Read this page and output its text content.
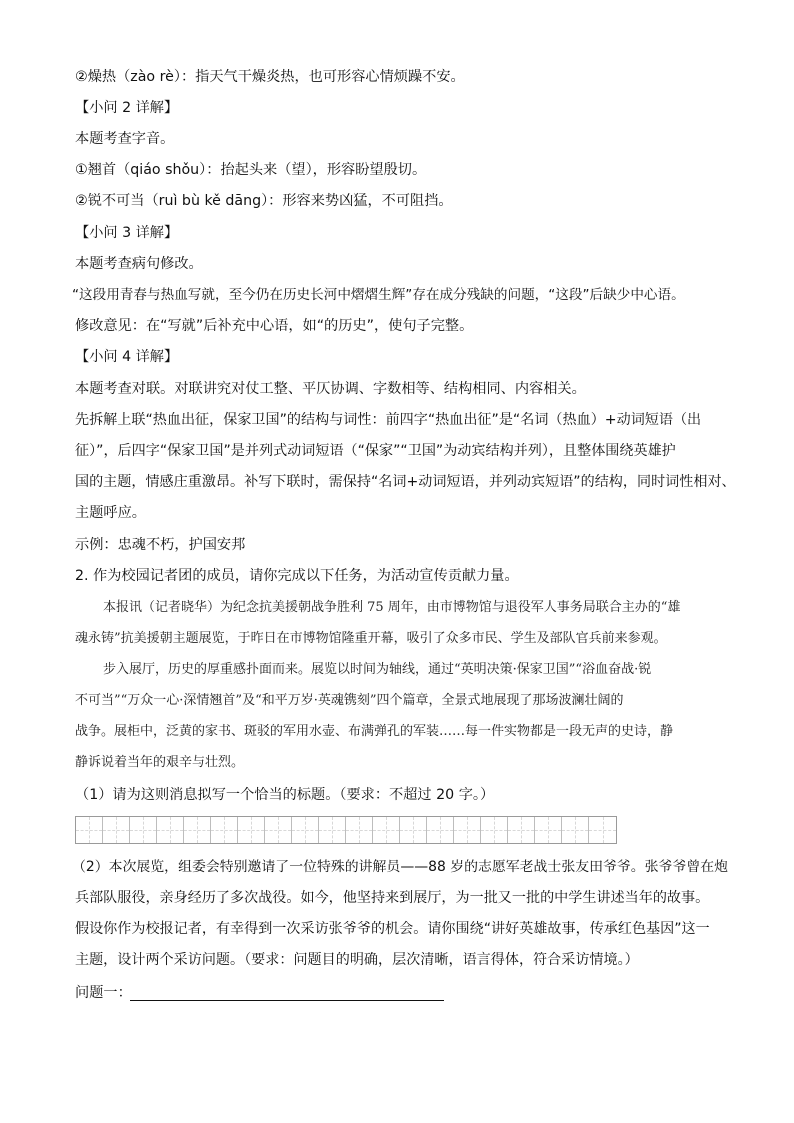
②燥热（zào rè）：指天气干燥炎热，也可形容心情烦躁不安。
【小问 2 详解】
本题考查字音。
①翘首（qiáo shǒu）：抬起头来（望），形容盼望殷切。
②锐不可当（ruì bù kě dāng）：形容来势凶猛，不可阻挡。
【小问 3 详解】
本题考查病句修改。
“这段用青春与热血写就，至今仍在历史长河中熠熠生辉”存在成分残缺的问题，“这段”后缺少中心语。
修改意见：在“写就”后补充中心语，如“的历史”，使句子完整。
【小问 4 详解】
本题考查对联。对联讲究对仗工整、平仄协调、字数相等、结构相同、内容相关。
先拆解上联“热血出征，保家卫国”的结构与词性：前四字“热血出征”是“名词（热血）+动词短语（出
征）”，后四字“保家卫国”是并列式动词短语（“保家”“卫国”为动宾结构并列），且整体围绕英雄护
国的主题，情感庄重激昂。补写下联时，需保持“名词+动词短语，并列动宾短语”的结构，同时词性相对、
主题呼应。
示例：忠魂不朽，护国安邦
2. 作为校园记者团的成员，请你完成以下任务，为活动宣传贡献力量。
本报讯（记者晓华）为纪念抗美援朝战争胜利 75 周年，由市博物馆与退役军人事务局联合主办的“雄
魂永铸”抗美援朝主题展览，于昨日在市博物馆隆重开幕，吸引了众多市民、学生及部队官兵前来参观。
步入展厅，历史的厚重感扑面而来。展览以时间为轴线，通过“英明决策·保家卫国”“浴血奋战·锐
不可当”“万众一心·深情翘首”及“和平万岁·英魂镌刻”四个篇章，全景式地展现了那场波澜壮阔的
战争。展柜中，泛黄的家书、斑驳的军用水壶、布满弹孔的军装……每一件实物都是一段无声的史诗，静
静诉说着当年的艰辛与壮烈。
（1）请为这则消息拟写一个恰当的标题。（要求：不超过 20 字。）
（2）本次展览，组委会特别邀请了一位特殊的讲解员——88 岁的志愿军老战士张友田爷爷。张爷爷曾在炮
兵部队服役，亲身经历了多次战役。如今，他坚持来到展厅，为一批又一批的中学生讲述当年的故事。
假设你作为校报记者，有幸得到一次采访张爷爷的机会。请你围绕“讲好英雄故事，传承红色基因”这一
主题，设计两个采访问题。（要求：问题目的明确，层次清晰，语言得体，符合采访情境。）
问题一：
